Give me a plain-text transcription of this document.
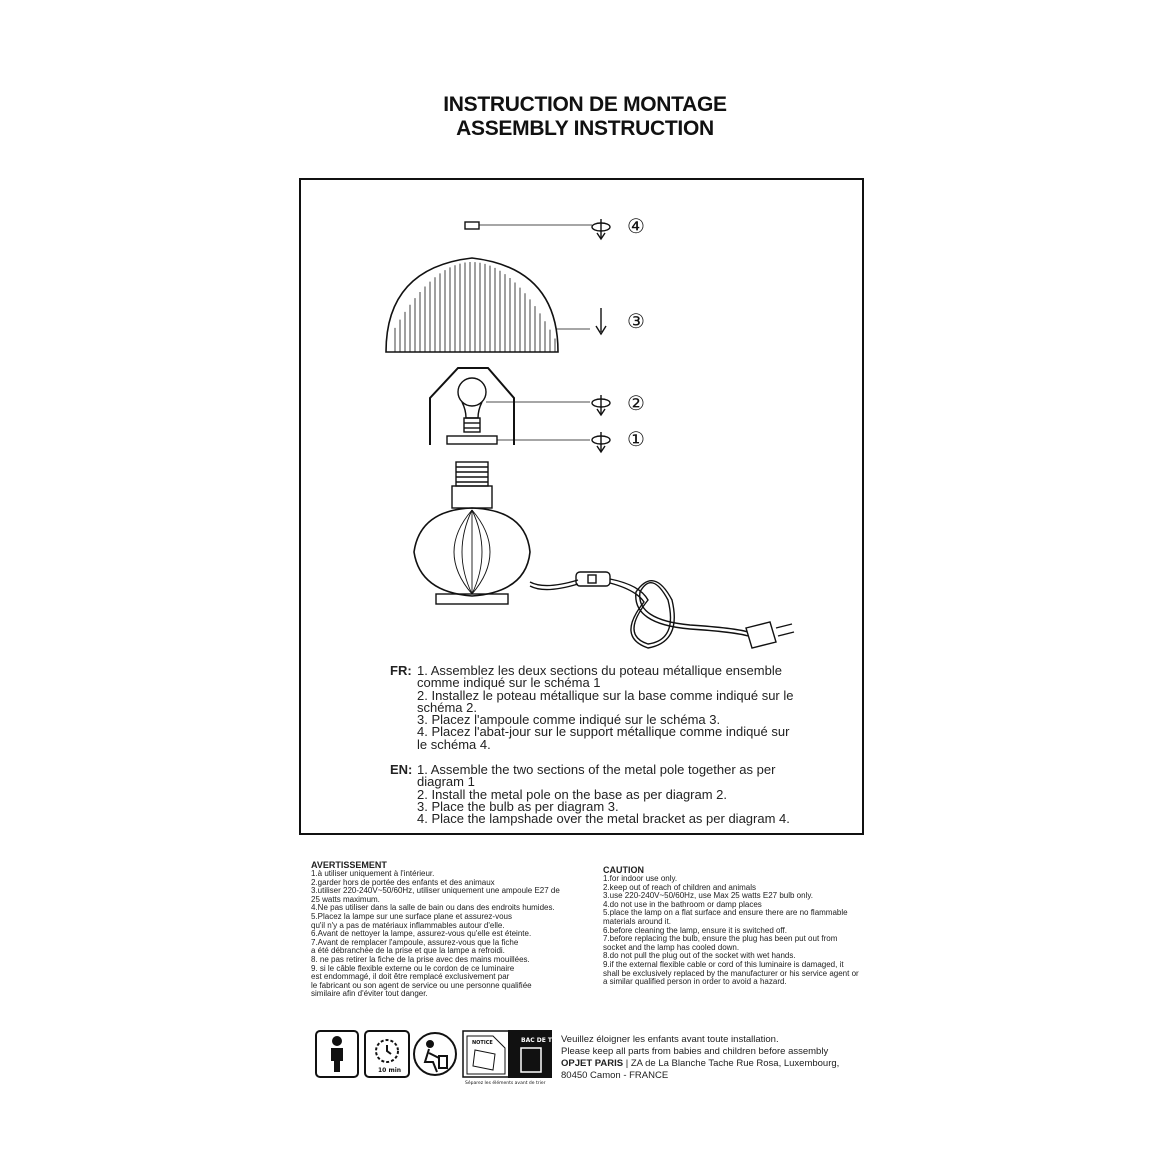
INSTRUCTION DE MONTAGE
ASSEMBLY INSTRUCTION
④
③
②
①
FR: 1. Assemblez les deux sections du poteau métallique ensemble
comme indiqué sur le schéma 1
2. Installez le poteau métallique sur la base comme indiqué sur le
schéma 2.
3. Placez l'ampoule comme indiqué sur le schéma 3.
4. Placez l'abat-jour sur le support métallique comme indiqué sur
le schéma 4.
EN: 1. Assemble the two sections of the metal pole together as per
diagram 1
2. Install the metal pole on the base as per diagram 2.
3. Place the bulb as per diagram 3.
4. Place the lampshade over the metal bracket as per diagram 4.
AVERTISSEMENT
1.à utiliser uniquement à l'intérieur.
2.garder hors de portée des enfants et des animaux
3.utiliser 220-240V~50/60Hz, utiliser uniquement une ampoule E27 de
25 watts maximum.
4.Ne pas utiliser dans la salle de bain ou dans des endroits humides.
5.Placez la lampe sur une surface plane et assurez-vous
qu'il n'y a pas de matériaux inflammables autour d'elle.
6.Avant de nettoyer la lampe, assurez-vous qu'elle est éteinte.
7.Avant de remplacer l'ampoule, assurez-vous que la fiche
a été débranchée de la prise et que la lampe a refroidi.
8. ne pas retirer la fiche de la prise avec des mains mouillées.
9. si le câble flexible externe ou le cordon de ce luminaire
est endommagé, il doit être remplacé exclusivement par
le fabricant ou son agent de service ou une personne qualifiée
similaire afin d'éviter tout danger.
CAUTION
1.for indoor use only.
2.keep out of reach of children and animals
3.use 220-240V~50/60Hz, use Max 25 watts E27 bulb only.
4.do not use in the bathroom or damp places
5.place the lamp on a flat surface and ensure there are no flammable
materials around it.
6.before cleaning the lamp, ensure it is switched off.
7.before replacing the bulb, ensure the plug has been put out from
socket and the lamp has cooled down.
8.do not pull the plug out of the socket with wet hands.
9.if the external flexible cable or cord of this luminaire is damaged, it
shall be exclusively replaced by the manufacturer or his service agent or
a similar qualified person in order to avoid a hazard.
10 min
NOTICE	BAC DE TRI
Séparez les éléments avant de trier
Veuillez éloigner les enfants avant toute installation.
Please keep all parts from babies and children before assembly
OPJET PARIS | ZA de La Blanche Tache Rue Rosa, Luxembourg,
80450 Camon - FRANCE
